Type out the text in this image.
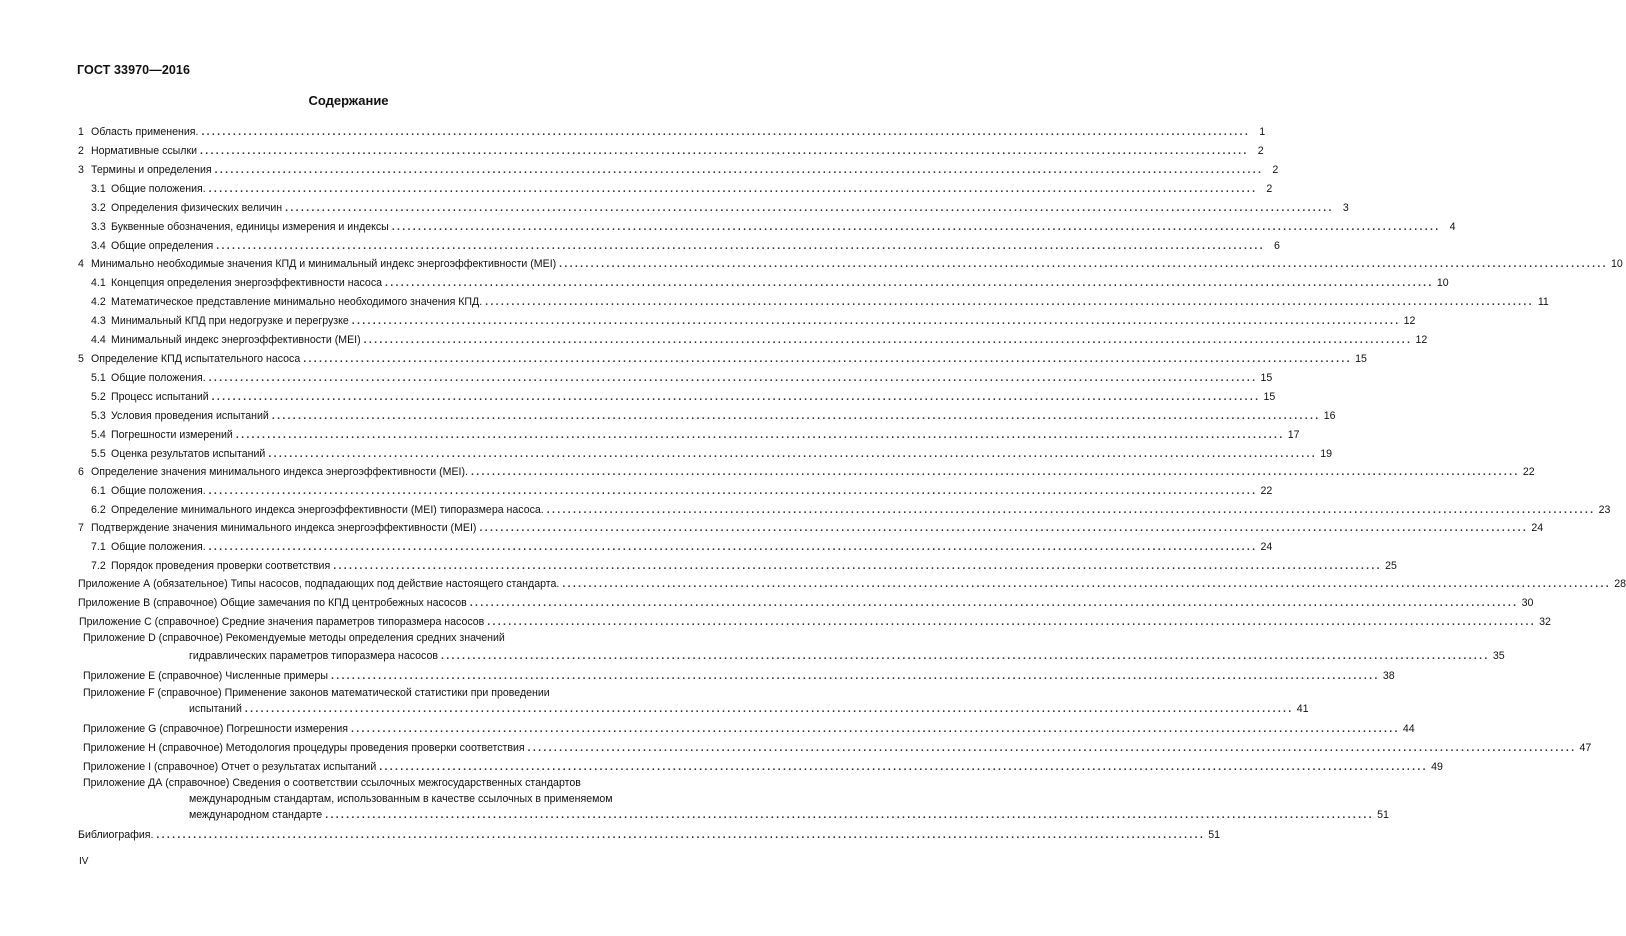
ГОСТ 33970—2016
Содержание
1 Область применения. ........................................................................................................................................................................................................ 1
2 Нормативные ссылки ........................................................................................................................................................................................................ 2
3 Термины и определения ........................................................................................................................................................................................................ 2
3.1 Общие положения. ........................................................................................................................................................................................................ 2
3.2 Определения физических величин ........................................................................................................................................................................................................ 3
3.3 Буквенные обозначения, единицы измерения и индексы ........................................................................................................................................................................................................ 4
3.4 Общие определения ........................................................................................................................................................................................................ 6
4 Минимально необходимые значения КПД и минимальный индекс энергоэффективности (MEI) ........................................................................................................................................................................................................ 10
4.1 Концепция определения энергоэффективности насоса ........................................................................................................................................................................................................ 10
4.2 Математическое представление минимально необходимого значения КПД. ........................................................................................................................................................................................................ 11
4.3 Минимальный КПД при недогрузке и перегрузке ........................................................................................................................................................................................................ 12
4.4 Минимальный индекс энергоэффективности (MEI) ........................................................................................................................................................................................................ 12
5 Определение КПД испытательного насоса ........................................................................................................................................................................................................ 15
5.1 Общие положения. ........................................................................................................................................................................................................ 15
5.2 Процесс испытаний ........................................................................................................................................................................................................ 15
5.3 Условия проведения испытаний ........................................................................................................................................................................................................ 16
5.4 Погрешности измерений ........................................................................................................................................................................................................ 17
5.5 Оценка результатов испытаний ........................................................................................................................................................................................................ 19
6 Определение значения минимального индекса энергоэффективности (MEI). ........................................................................................................................................................................................................ 22
6.1 Общие положения. ........................................................................................................................................................................................................ 22
6.2 Определение минимального индекса энергоэффективности (MEI) типоразмера насоса. ........................................................................................................................................................................................................ 23
7 Подтверждение значения минимального индекса энергоэффективности (MEI) ........................................................................................................................................................................................................ 24
7.1 Общие положения. ........................................................................................................................................................................................................ 24
7.2 Порядок проведения проверки соответствия ........................................................................................................................................................................................................ 25
Приложение А (обязательное) Типы насосов, подпадающих под действие настоящего стандарта. ........................................................................................................................................................................................................ 28
Приложение В (справочное) Общие замечания по КПД центробежных насосов ........................................................................................................................................................................................................ 30
Приложение С (справочное) Средние значения параметров типоразмера насосов ........................................................................................................................................................................................................ 32
Приложение D (справочное) Рекомендуемые методы определения средних значений
гидравлических параметров типоразмера насосов ........................................................................................................................................................................................................ 35
Приложение Е (справочное) Численные примеры ........................................................................................................................................................................................................ 38
Приложение F (справочное) Применение законов математической статистики при проведении
испытаний ........................................................................................................................................................................................................ 41
Приложение G (справочное) Погрешности измерения ........................................................................................................................................................................................................ 44
Приложение Н (справочное) Методология процедуры проведения проверки соответствия ........................................................................................................................................................................................................ 47
Приложение I (справочное) Отчет о результатах испытаний ........................................................................................................................................................................................................ 49
Приложение ДА (справочное) Сведения о соответствии ссылочных межгосударственных стандартов
международным стандартам, использованным в качестве ссылочных в применяемом
международном стандарте ........................................................................................................................................................................................................ 51
Библиография. ........................................................................................................................................................................................................ 51
IV
